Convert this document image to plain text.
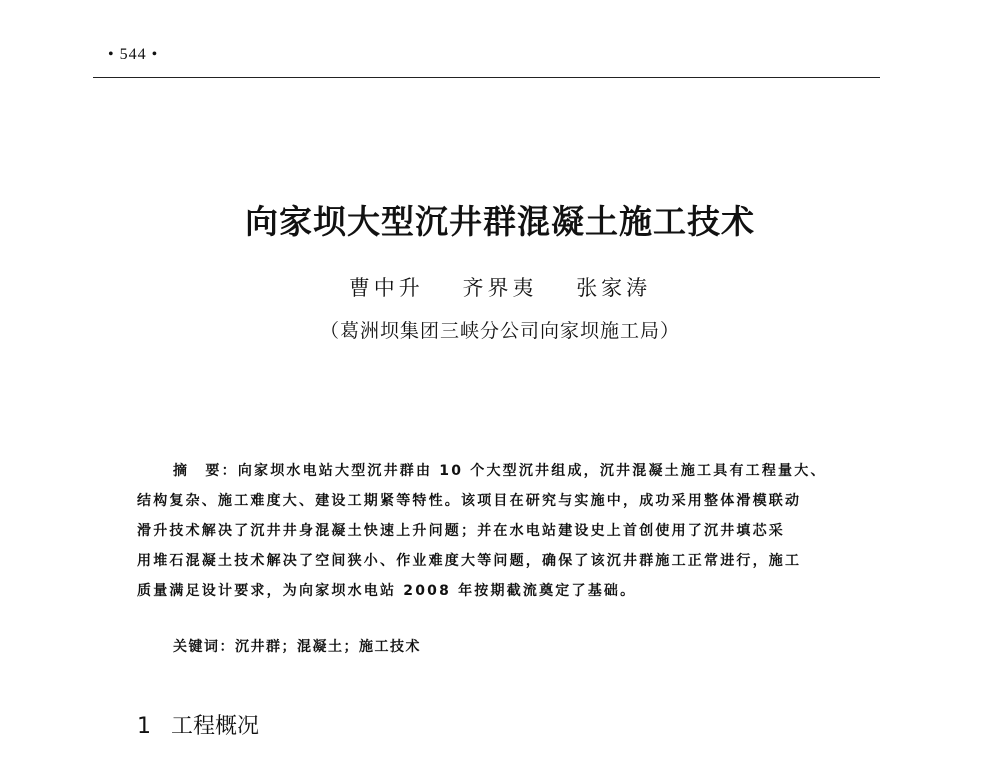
• 544 •
向家坝大型沉井群混凝土施工技术
曹中升 齐界夷 张家涛
（葛洲坝集团三峡分公司向家坝施工局）
摘　要：向家坝水电站大型沉井群由 10 个大型沉井组成，沉井混凝土施工具有工程量大、
结构复杂、施工难度大、建设工期紧等特性。该项目在研究与实施中，成功采用整体滑模联动
滑升技术解决了沉井井身混凝土快速上升问题；并在水电站建设史上首创使用了沉井填芯采
用堆石混凝土技术解决了空间狭小、作业难度大等问题，确保了该沉井群施工正常进行，施工
质量满足设计要求，为向家坝水电站 2008 年按期截流奠定了基础。
关键词：沉井群；混凝土；施工技术
1 工程概况
